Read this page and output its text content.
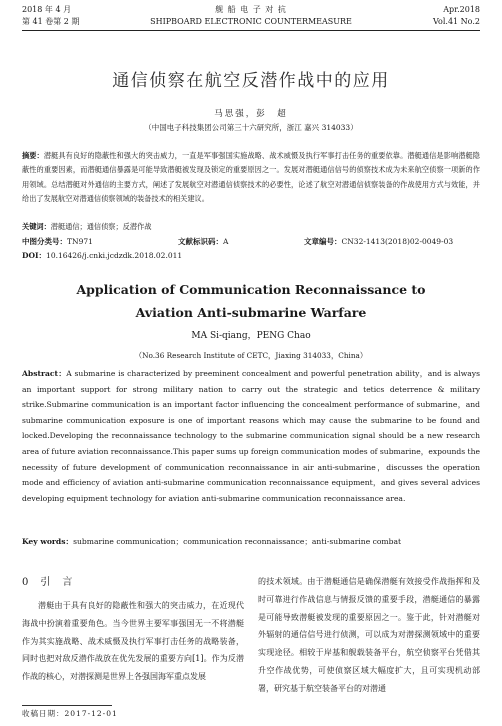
2018 年 4 月
第 41 卷第 2 期
舰 船 电 子 对 抗
SHIPBOARD ELECTRONIC COUNTERMEASURE
Apr.2018
Vol.41 No.2
通信侦察在航空反潜作战中的应用
马思强，彭　超
（中国电子科技集团公司第三十六研究所，浙江 嘉兴 314033）

摘要：潜艇具有良好的隐蔽性和强大的突击威力，一直是军事强国实施战略、战术威慑及执行军事打击任务的重要依靠。潜艇通信是影响潜艇隐蔽性的重要因素，而潜艇通信暴露是可能导致潜艇被发现及锁定的重要原因之一。发展对潜艇通信信号的侦察技术成为未来航空侦察一项新的作用领域。总结潜艇对外通信的主要方式，阐述了发展航空对潜通信侦察技术的必要性，论述了航空对潜通信侦察装备的作战使用方式与效能，并给出了发展航空对潜通信侦察领域的装备技术的相关建议。

关键词：潜艇通信；通信侦察；反潜作战
中图分类号：TN971	文献标识码：A	文章编号：CN32-1413(2018)02-0049-03
DOI：10.16426/j.cnki.jcdzdk.2018.02.011
Application of Communication Reconnaissance to
Aviation Anti-submarine Warfare
MA Si-qiang，PENG Chao
（No.36 Research Institute of CETC，Jiaxing 314033，China）

Abstract：A submarine is characterized by preeminent concealment and powerful penetration ability，and is always an important support for strong military nation to carry out the strategic and tetics deterrence & military strike.Submarine communication is an important factor influencing the concealment performance of submarine，and submarine communication exposure is one of important reasons which may cause the submarine to be found and locked.Developing the reconnaissance technology to the submarine communication signal should be a new research area of future aviation reconnaissance.This paper sums up foreign communication modes of submarine，expounds the necessity of future development of communication reconnaissance in air anti-submarine，discusses the operation mode and efficiency of aviation anti-submarine communication reconnaissance equipment，and gives several advices developing equipment technology for aviation anti-submarine communication reconnaissance area.

Key words：submarine communication；communication reconnaissance；anti-submarine combat
0　引　言

潜艇由于具有良好的隐蔽性和强大的突击威力，在近现代海战中扮演着重要角色。当今世界主要军事强国无一不将潜艇作为其实施战略、战术威慑及执行军事打击任务的战略装备，同时也把对敌反潜作战放在优先发展的重要方向[1]。作为反潜作战的核心，对潜探测是世界上各强国海军重点发展

的技术领域。由于潜艇通信是确保潜艇有效接受作战指挥和及时可靠进行作战信息与情报反馈的重要手段，潜艇通信的暴露是可能导致潜艇被发现的重要原因之一。鉴于此，针对潜艇对外辐射的通信信号进行侦测，可以成为对潜探测领域中的重要实现途径。相较于岸基和舰载装备平台，航空侦察平台凭借其升空作战优势，可使侦察区域大幅度扩大，且可实现机动部署，研究基于航空装备平台的对潜通

收稿日期：2017-12-01
